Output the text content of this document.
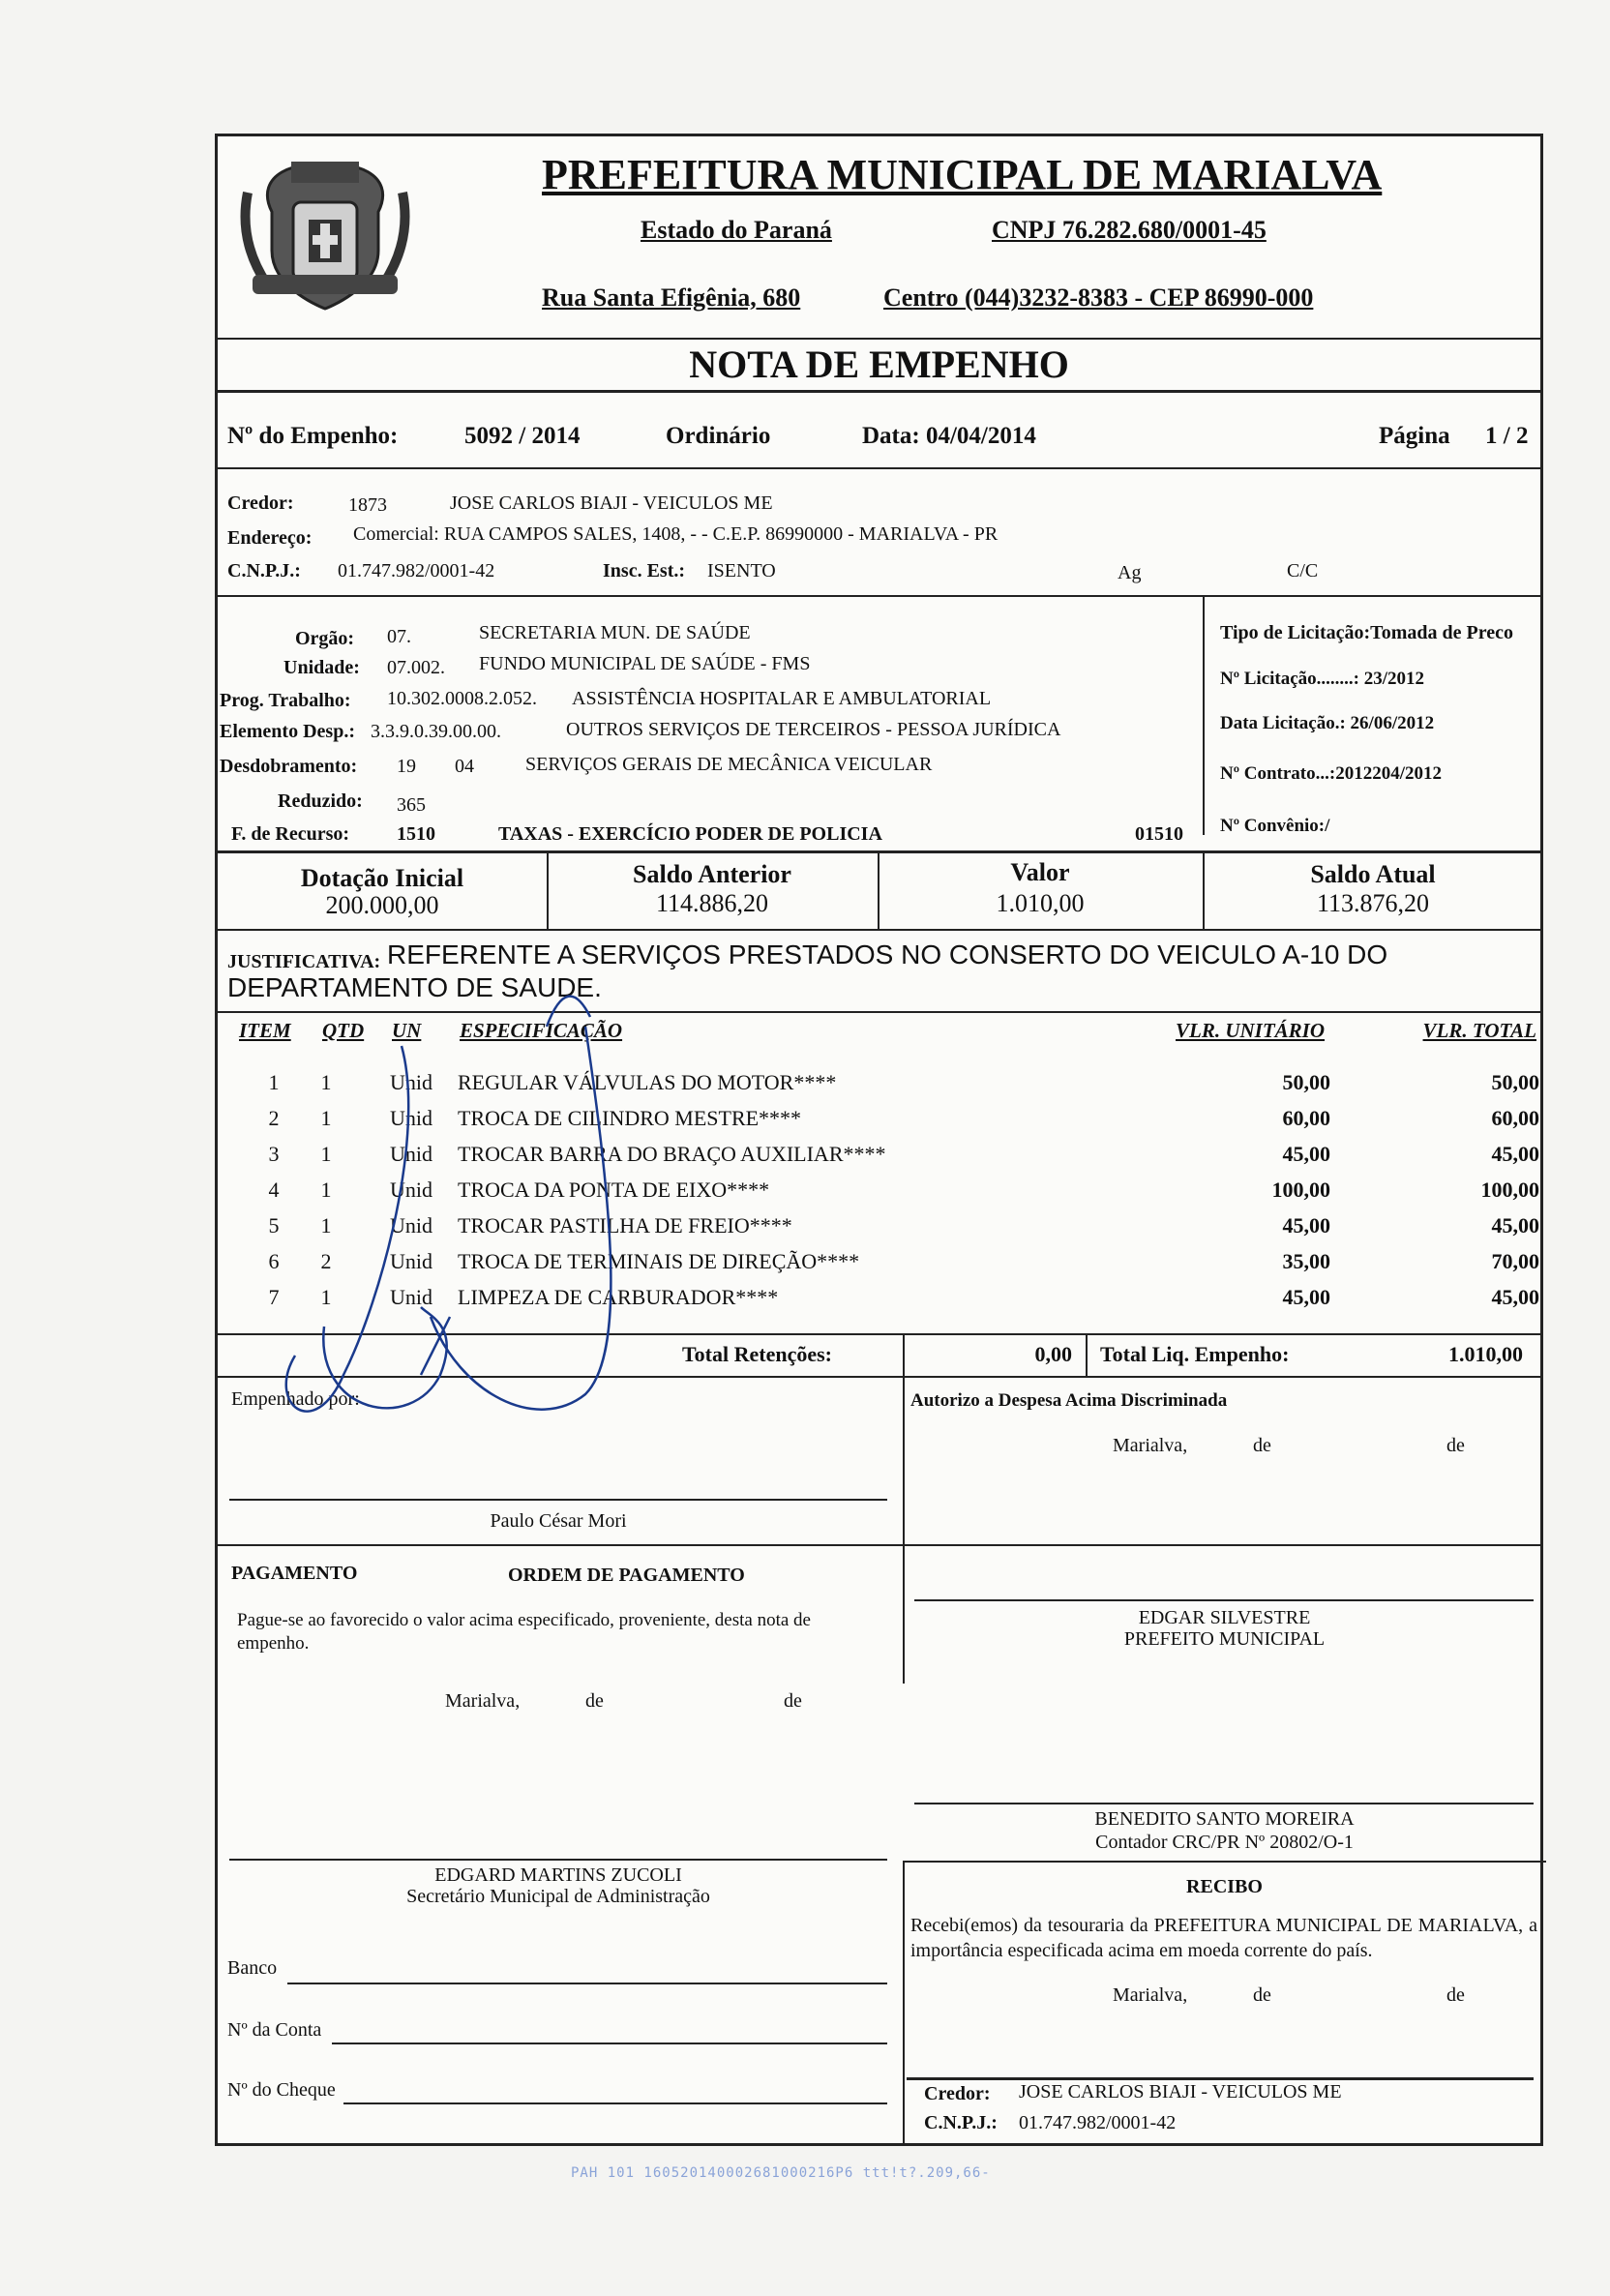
PREFEITURA MUNICIPAL DE MARIALVA
Estado do Paraná	CNPJ 76.282.680/0001-45
Rua Santa Efigênia, 680	Centro (044)3232-8383 - CEP 86990-000
NOTA DE EMPENHO
Nº do Empenho:	5092 / 2014	Ordinário	Data: 04/04/2014	Página 1 / 2
Credor:	1873	JOSE CARLOS BIAJI - VEICULOS ME
Endereço: Comercial: RUA CAMPOS SALES, 1408, - - C.E.P. 86990000 - MARIALVA - PR
C.N.P.J.: 01.747.982/0001-42	Insc. Est.: ISENTO	Ag	C/C
Orgão: 07.	SECRETARIA MUN. DE SAÚDE
Unidade: 07.002. FUNDO MUNICIPAL DE SAÚDE - FMS
Prog. Trabalho: 10.302.0008.2.052. ASSISTÊNCIA HOSPITALAR E AMBULATORIAL
Elemento Desp.: 3.3.9.0.39.00.00.	OUTROS SERVIÇOS DE TERCEIROS - PESSOA JURÍDICA
Desdobramento: 19 04	SERVIÇOS GERAIS DE MECÂNICA VEICULAR
Reduzido: 365
F. de Recurso: 1510	TAXAS - EXERCÍCIO PODER DE POLICIA	01510
Tipo de Licitação:Tomada de Preco
Nº Licitação........: 23/2012
Data Licitação.: 26/06/2012
Nº Contrato...:2012204/2012
Nº Convênio:/
Dotação Inicial
200.000,00
Saldo Anterior
114.886,20
Valor
1.010,00
Saldo Atual
113.876,20
JUSTIFICATIVA: REFERENTE A SERVIÇOS PRESTADOS NO CONSERTO DO VEICULO A-10 DO
DEPARTAMENTO DE SAUDE.
ITEM QTD UN ESPECIFICAÇÃO	VLR. UNITÁRIO	VLR. TOTAL
1 1	Unid REGULAR VÁLVULAS DO MOTOR****	50,00	50,00
2 1	Unid TROCA DE CILINDRO MESTRE****	60,00	60,00
3 1	Unid TROCAR BARRA DO BRAÇO AUXILIAR****	45,00	45,00
4 1	Unid TROCA DA PONTA DE EIXO****	100,00	100,00
5 1	Unid TROCAR PASTILHA DE FREIO****	45,00	45,00
6 2	Unid TROCA DE TERMINAIS DE DIREÇÃO****	35,00	70,00
7 1	Unid LIMPEZA DE CARBURADOR****	45,00	45,00
Total Retenções:	0,00 Total Liq. Empenho:	1.010,00
Empenhado por:
Paulo César Mori
Autorizo a Despesa Acima Discriminada
Marialva,	de	de
PAGAMENTO	ORDEM DE PAGAMENTO
Pague-se ao favorecido o valor acima especificado, proveniente, desta nota de empenho.
Marialva,	de	de
EDGAR SILVESTRE
PREFEITO MUNICIPAL
BENEDITO SANTO MOREIRA
Contador CRC/PR Nº 20802/O-1
EDGARD MARTINS ZUCOLI
Secretário Municipal de Administração	RECIBO
Recebi(emos) da tesouraria da PREFEITURA MUNICIPAL DE MARIALVA, a importância especificada acima em moeda corrente do país.
Marialva,	de	de
Banco
Nº da Conta
Nº do Cheque	Credor: JOSE CARLOS BIAJI - VEICULOS ME
C.N.P.J.: 01.747.982/0001-42
PAH 101 160520140002681000216P6 ttt!t?.209,66-
